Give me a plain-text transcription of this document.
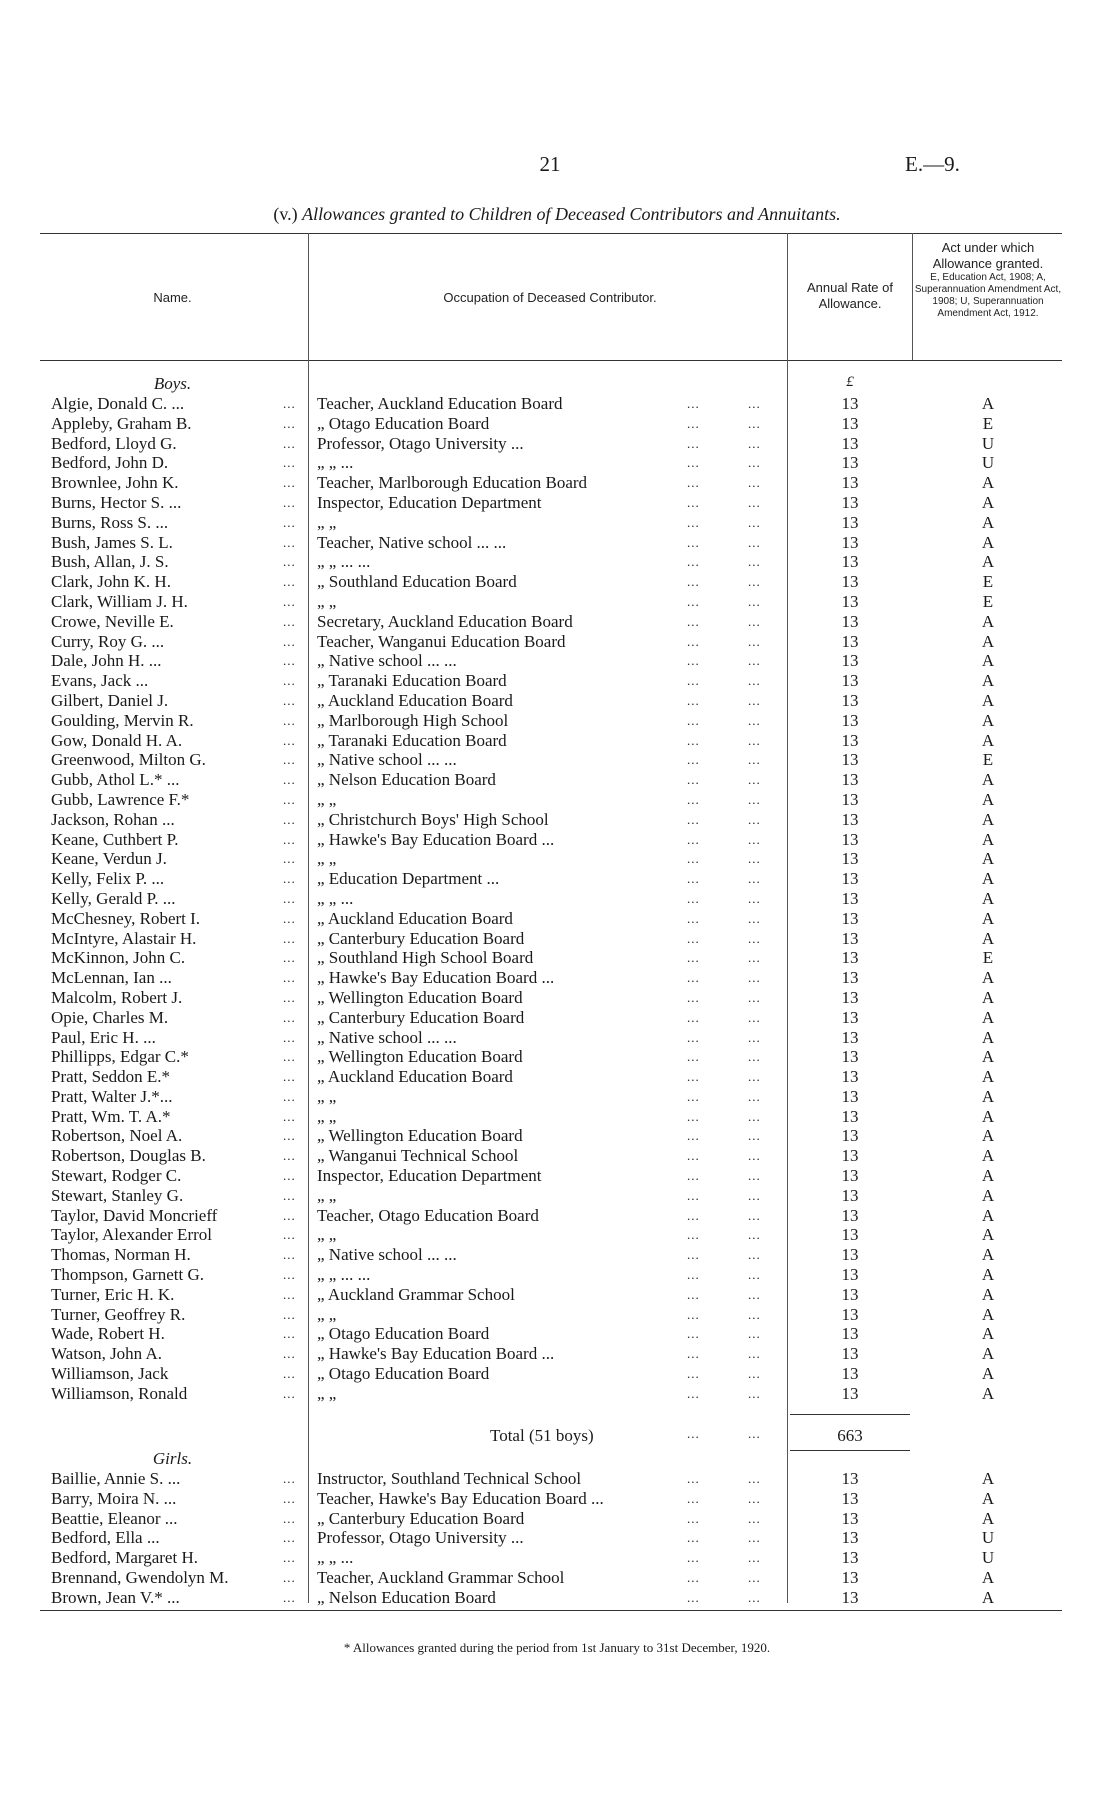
21	E.—9.
(v.) Allowances granted to Children of Deceased Contributors and Annuitants.
Name.	Occupation of Deceased Contributor.
Annual Rate of Allowance.
Act under which Allowance granted.
E, Education Act, 1908; A, Superannuation Amendment Act, 1908; U, Superannuation Amendment Act, 1912.
Boys.	£
Algie, Donald C. ...	... Teacher, Auckland Education Board	...	...	13	A
Appleby, Graham B.	... „ Otago Education Board	...	...	13	E
Bedford, Lloyd G.	... Professor, Otago University ...	...	...	13	U
Bedford, John D.	... „ „ ...	...	...	13	U
Brownlee, John K.	... Teacher, Marlborough Education Board	...	...	13	A
Burns, Hector S. ...	... Inspector, Education Department	...	...	13	A
Burns, Ross S. ...	... „ „	...	...	13	A
Bush, James S. L.	... Teacher, Native school ... ...	...	...	13	A
Bush, Allan, J. S.	... „ „ ... ...	...	...	13	A
Clark, John K. H.	... „ Southland Education Board	...	...	13	E
Clark, William J. H.	... „ „	...	...	13	E
Crowe, Neville E.	... Secretary, Auckland Education Board	...	...	13	A
Curry, Roy G. ...	... Teacher, Wanganui Education Board	...	...	13	A
Dale, John H. ...	... „ Native school ... ...	...	...	13	A
Evans, Jack ...	... „ Taranaki Education Board	...	...	13	A
Gilbert, Daniel J.	... „ Auckland Education Board	...	...	13	A
Goulding, Mervin R.	... „ Marlborough High School	...	...	13	A
Gow, Donald H. A.	... „ Taranaki Education Board	...	...	13	A
Greenwood, Milton G.	... „ Native school ... ...	...	...	13	E
Gubb, Athol L.* ...	... „ Nelson Education Board	...	...	13	A
Gubb, Lawrence F.*	... „ „	...	...	13	A
Jackson, Rohan ...	... „ Christchurch Boys' High School	...	...	13	A
Keane, Cuthbert P.	... „ Hawke's Bay Education Board ...	...	...	13	A
Keane, Verdun J.	... „ „	...	...	13	A
Kelly, Felix P. ...	... „ Education Department ...	...	...	13	A
Kelly, Gerald P. ...	... „ „ ...	...	...	13	A
McChesney, Robert I.	... „ Auckland Education Board	...	...	13	A
McIntyre, Alastair H.	... „ Canterbury Education Board	...	...	13	A
McKinnon, John C.	... „ Southland High School Board	...	...	13	E
McLennan, Ian ...	... „ Hawke's Bay Education Board ...	...	...	13	A
Malcolm, Robert J.	... „ Wellington Education Board	...	...	13	A
Opie, Charles M.	... „ Canterbury Education Board	...	...	13	A
Paul, Eric H. ...	... „ Native school ... ...	...	...	13	A
Phillipps, Edgar C.*	... „ Wellington Education Board	...	...	13	A
Pratt, Seddon E.*	... „ Auckland Education Board	...	...	13	A
Pratt, Walter J.*...	... „ „	...	...	13	A
Pratt, Wm. T. A.*	... „ „	...	...	13	A
Robertson, Noel A.	... „ Wellington Education Board	...	...	13	A
Robertson, Douglas B.	... „ Wanganui Technical School	...	...	13	A
Stewart, Rodger C.	... Inspector, Education Department	...	...	13	A
Stewart, Stanley G.	... „ „	...	...	13	A
Taylor, David Moncrieff	... Teacher, Otago Education Board	...	...	13	A
Taylor, Alexander Errol	... „ „	...	...	13	A
Thomas, Norman H.	... „ Native school ... ...	...	...	13	A
Thompson, Garnett G.	... „ „ ... ...	...	...	13	A
Turner, Eric H. K.	... „ Auckland Grammar School	...	...	13	A
Turner, Geoffrey R.	... „ „	...	...	13	A
Wade, Robert H.	... „ Otago Education Board	...	...	13	A
Watson, John A.	... „ Hawke's Bay Education Board ...	...	...	13	A
Williamson, Jack	... „ Otago Education Board	...	...	13	A
Williamson, Ronald	... „ „	...	...	13	A
Total (51 boys)	...	...	663
Girls.
Baillie, Annie S. ...	... Instructor, Southland Technical School	...	...	13	A
Barry, Moira N. ...	... Teacher, Hawke's Bay Education Board ...	...	...	13	A
Beattie, Eleanor ...	... „ Canterbury Education Board	...	...	13	A
Bedford, Ella ...	... Professor, Otago University ...	...	...	13	U
Bedford, Margaret H.	... „ „ ...	...	...	13	U
Brennand, Gwendolyn M.	... Teacher, Auckland Grammar School	...	...	13	A
Brown, Jean V.* ...	... „ Nelson Education Board	...	...	13	A
* Allowances granted during the period from 1st January to 31st December, 1920.
